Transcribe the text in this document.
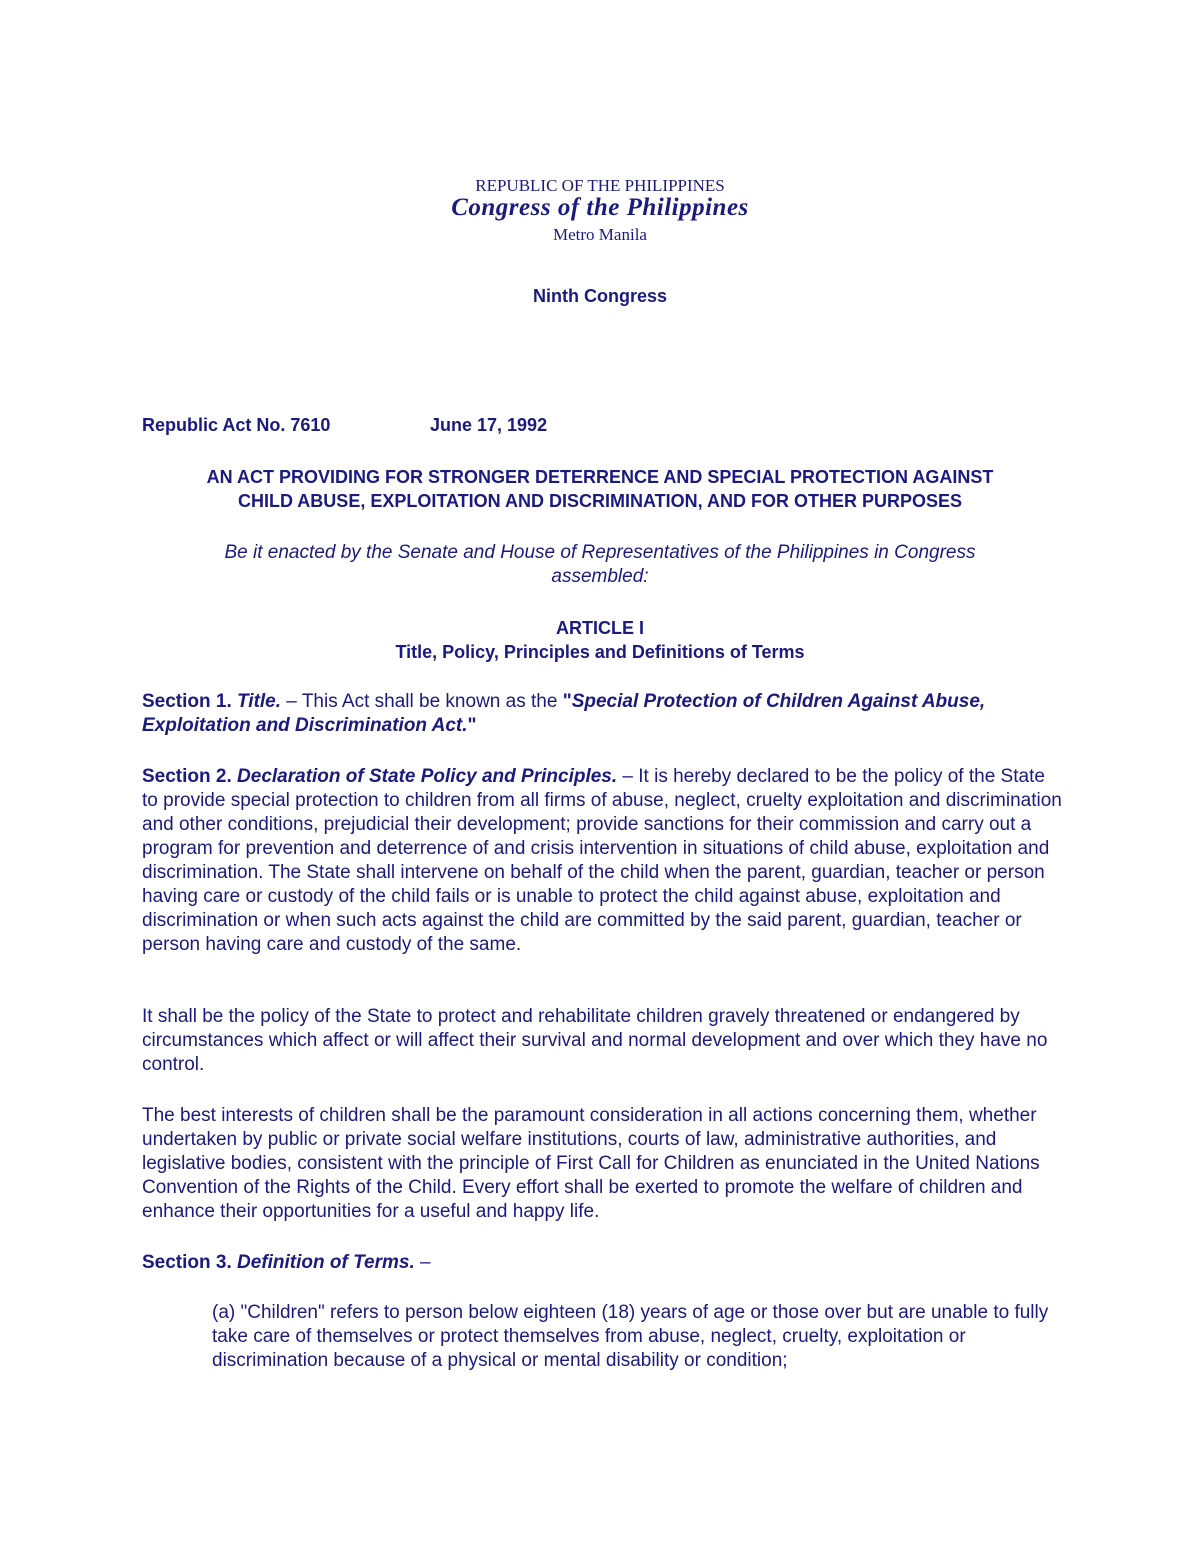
REPUBLIC OF THE PHILIPPINES
Congress of the Philippines
Metro Manila
Ninth Congress
Republic Act No. 7610	June 17, 1992
AN ACT PROVIDING FOR STRONGER DETERRENCE AND SPECIAL PROTECTION AGAINST
CHILD ABUSE, EXPLOITATION AND DISCRIMINATION, AND FOR OTHER PURPOSES
Be it enacted by the Senate and House of Representatives of the Philippines in Congress
assembled:
ARTICLE I
Title, Policy, Principles and Definitions of Terms

Section 1. Title. – This Act shall be known as the "Special Protection of Children Against Abuse, Exploitation and Discrimination Act."

Section 2. Declaration of State Policy and Principles. – It is hereby declared to be the policy of the State to provide special protection to children from all firms of abuse, neglect, cruelty exploitation and discrimination and other conditions, prejudicial their development; provide sanctions for their commission and carry out a program for prevention and deterrence of and crisis intervention in situations of child abuse, exploitation and discrimination. The State shall intervene on behalf of the child when the parent, guardian, teacher or person having care or custody of the child fails or is unable to protect the child against abuse, exploitation and discrimination or when such acts against the child are committed by the said parent, guardian, teacher or person having care and custody of the same.

It shall be the policy of the State to protect and rehabilitate children gravely threatened or endangered by circumstances which affect or will affect their survival and normal development and over which they have no control.

The best interests of children shall be the paramount consideration in all actions concerning them, whether undertaken by public or private social welfare institutions, courts of law, administrative authorities, and legislative bodies, consistent with the principle of First Call for Children as enunciated in the United Nations Convention of the Rights of the Child. Every effort shall be exerted to promote the welfare of children and enhance their opportunities for a useful and happy life.

Section 3. Definition of Terms. –

(a) "Children" refers to person below eighteen (18) years of age or those over but are unable to fully take care of themselves or protect themselves from abuse, neglect, cruelty, exploitation or discrimination because of a physical or mental disability or condition;
